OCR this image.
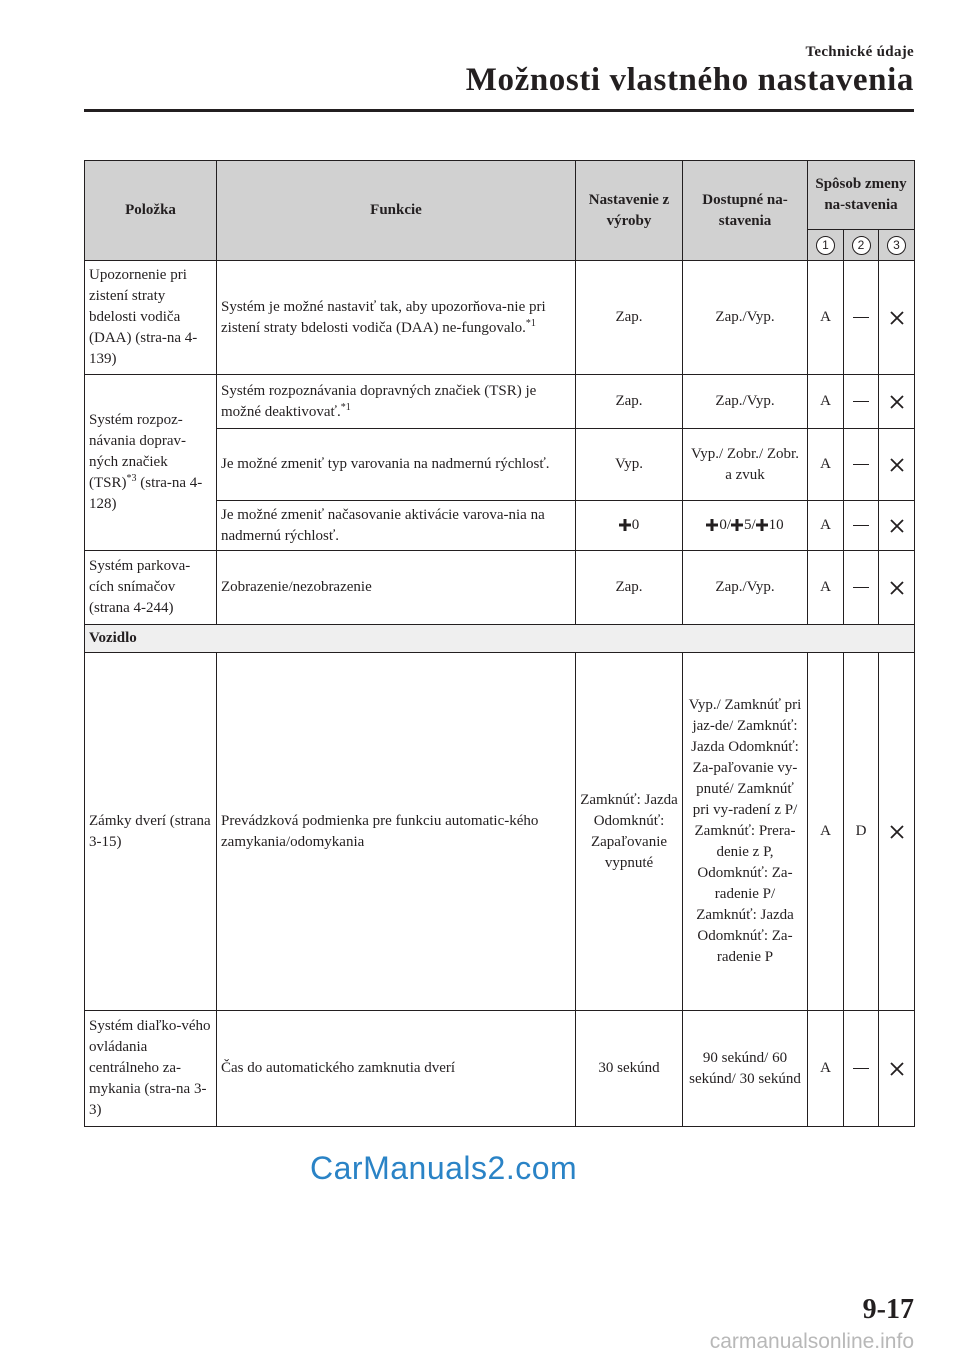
Technické údaje
Možnosti vlastného nastavenia
Položka	Funkcie	Nastavenie z výroby	Dostupné na-stavenia	Spôsob zmeny na-stavenia		
				1	2	3
Upozornenie pri zistení straty bdelosti vodiča (DAA) (stra-na 4-139)	Systém je možné nastaviť tak, aby upozorňova-nie pri zistení straty bdelosti vodiča (DAA) ne-fungovalo.$^{*1}$	Zap.	Zap./Vyp.	A		
Systém rozpoz-návania doprav-ných značiek (TSR)$^{*3}$ (stra-na 4-128)	Systém rozpoznávania dopravných značiek (TSR) je možné deaktivovať.$^{*1}$	Zap.	Zap./Vyp.	A		
	Je možné zmeniť typ varovania na nadmernú rýchlosť.	Vyp.	Vyp./ Zobr./ Zobr. a zvuk	A		
	Je možné zmeniť načasovanie aktivácie varova-nia na nadmernú rýchlosť.	0	0/ 5/ 10	A		
Systém parkova-cích snímačov (strana 4-244)	Zobrazenie/nezobrazenie	Zap.	Zap./Vyp.	A		
Vozidlo						
Zámky dverí (strana 3-15)	Prevádzková podmienka pre funkciu automatic-kého zamykania/odomykania	Zamknúť: Jazda Odomknúť: Zapaľovanie vypnuté	Vyp./ Zamknúť pri jaz-de/ Zamknúť: Jazda Odomknúť: Za-paľovanie vy-pnuté/ Zamknúť pri vy-radení z P/ Zamknúť: Prera-denie z P, Odomknúť: Za-radenie P/ Zamknúť: Jazda Odomknúť: Za-radenie P	A	D	
Systém diaľko-vého ovládania centrálneho za-mykania (stra-na 3-3)	Čas do automatického zamknutia dverí	30 sekúnd	90 sekúnd/ 60 sekúnd/ 30 sekúnd	A		
CarManuals2.com
9-17
carmanualsonline.info
